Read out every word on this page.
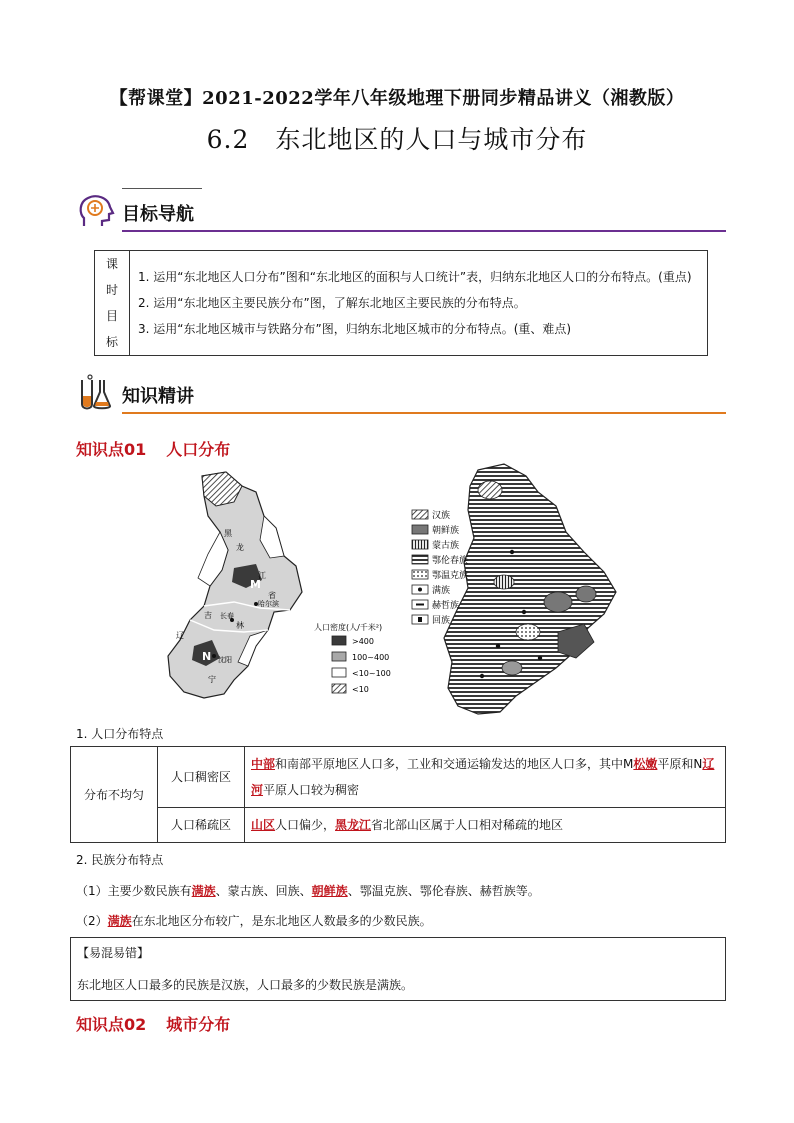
【帮课堂】2021-2022学年八年级地理下册同步精品讲义（湘教版）
6.2　东北地区的人口与城市分布
目标导航
课
时
目
标

1. 运用“东北地区人口分布”图和“东北地区的面积与人口统计”表，归纳东北地区人口的分布特点。(重点)
2. 运用“东北地区主要民族分布”图，了解东北地区主要民族的分布特点。
3. 运用“东北地区城市与铁路分布”图，归纳东北地区城市的分布特点。(重、难点)
知识精讲
知识点01 人口分布
黑
龙
江
省
吉
林
辽
宁
M
N
哈尔滨
长春
沈阳
人口密度(人/千米²)
>400
100~400
<10~100
<10
汉族
朝鲜族
蒙古族
鄂伦春族
鄂温克族
满族
赫哲族
回族
1. 人口分布特点
分布不均匀	人口稠密区	中部和南部平原地区人口多，工业和交通运输发达的地区人口多，其中M松嫩平原和N辽河平原人口较为稠密
	人口稀疏区	山区人口偏少，黑龙江省北部山区属于人口相对稀疏的地区
2. 民族分布特点
（1）主要少数民族有满族、蒙古族、回族、朝鲜族、鄂温克族、鄂伦春族、赫哲族等。
（2）满族在东北地区分布较广，是东北地区人数最多的少数民族。
【易混易错】
东北地区人口最多的民族是汉族，人口最多的少数民族是满族。
知识点02 城市分布
